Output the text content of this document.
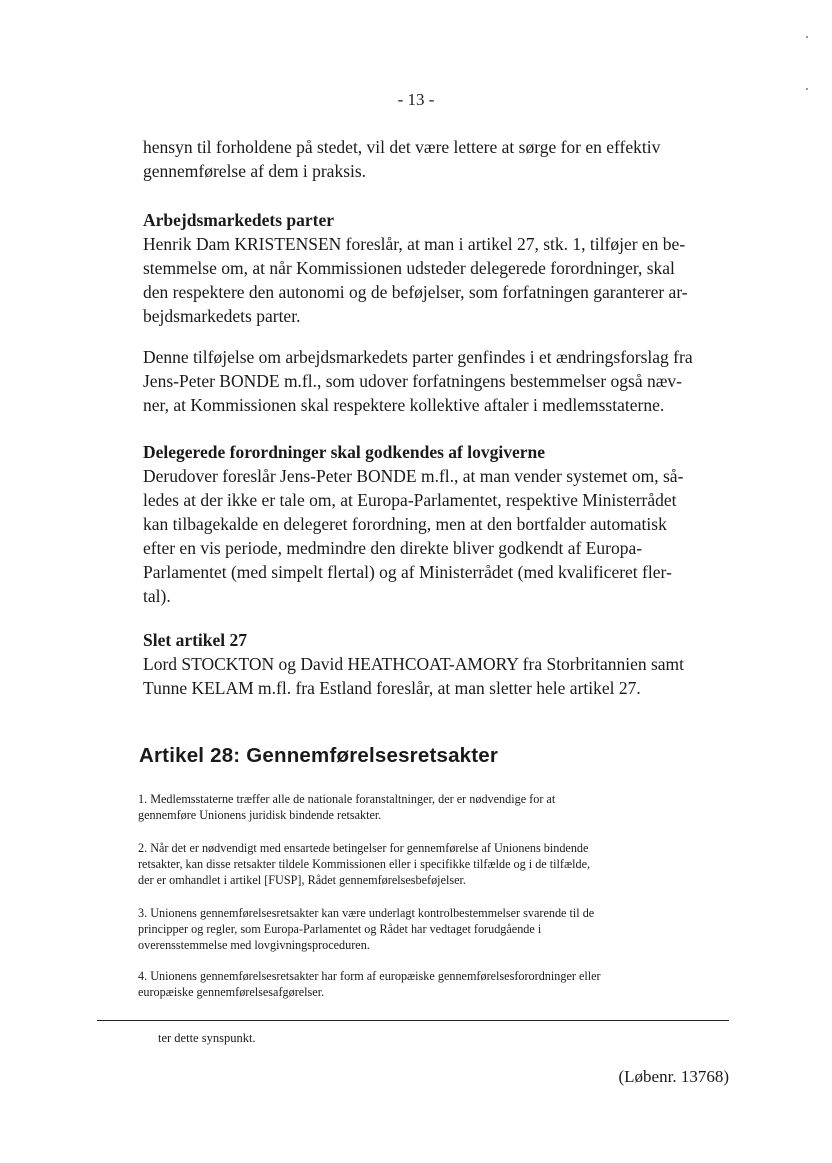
- 13 -
hensyn til forholdene på stedet, vil det være lettere at sørge for en effektiv
gennemførelse af dem i praksis.
Arbejdsmarkedets parter
Henrik Dam KRISTENSEN foreslår, at man i artikel 27, stk. 1, tilføjer en be-
stemmelse om, at når Kommissionen udsteder delegerede forordninger, skal
den respektere den autonomi og de beføjelser, som forfatningen garanterer ar-
bejdsmarkedets parter.
Denne tilføjelse om arbejdsmarkedets parter genfindes i et ændringsforslag fra
Jens-Peter BONDE m.fl., som udover forfatningens bestemmelser også næv-
ner, at Kommissionen skal respektere kollektive aftaler i medlemsstaterne.
Delegerede forordninger skal godkendes af lovgiverne
Derudover foreslår Jens-Peter BONDE m.fl., at man vender systemet om, så-
ledes at der ikke er tale om, at Europa-Parlamentet, respektive Ministerrådet
kan tilbagekalde en delegeret forordning, men at den bortfalder automatisk
efter en vis periode, medmindre den direkte bliver godkendt af Europa-
Parlamentet (med simpelt flertal) og af Ministerrådet (med kvalificeret fler-
tal).
Slet artikel 27
Lord STOCKTON og David HEATHCOAT-AMORY fra Storbritannien samt
Tunne KELAM m.fl. fra Estland foreslår, at man sletter hele artikel 27.
Artikel 28: Gennemførelsesretsakter
1. Medlemsstaterne træffer alle de nationale foranstaltninger, der er nødvendige for at
gennemføre Unionens juridisk bindende retsakter.
2. Når det er nødvendigt med ensartede betingelser for gennemførelse af Unionens bindende
retsakter, kan disse retsakter tildele Kommissionen eller i specifikke tilfælde og i de tilfælde,
der er omhandlet i artikel [FUSP], Rådet gennemførelsesbeføjelser.
3. Unionens gennemførelsesretsakter kan være underlagt kontrolbestemmelser svarende til de
principper og regler, som Europa-Parlamentet og Rådet har vedtaget forudgående i
overensstemmelse med lovgivningsproceduren.
4. Unionens gennemførelsesretsakter har form af europæiske gennemførelsesforordninger eller
europæiske gennemførelsesafgørelser.
ter dette synspunkt.
(Løbenr. 13768)
